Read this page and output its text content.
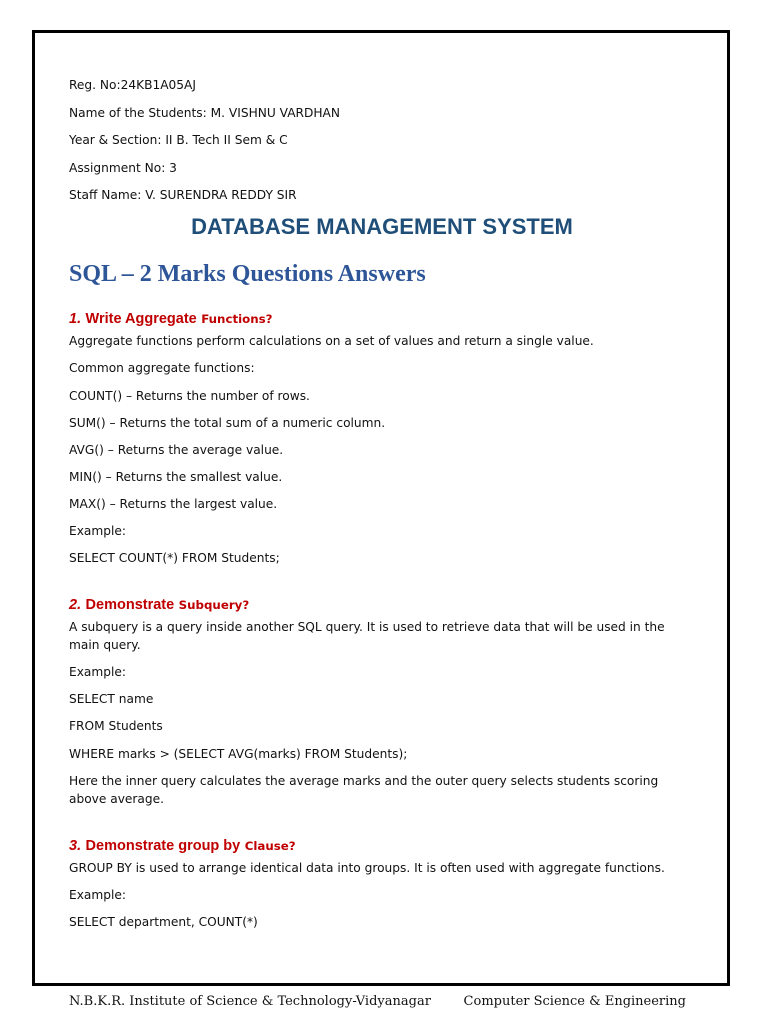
Reg. No:24KB1A05AJ

Name of the Students: M. VISHNU VARDHAN

Year & Section: II B. Tech II Sem & C

Assignment No: 3

Staff Name: V. SURENDRA REDDY SIR

DATABASE MANAGEMENT SYSTEM
SQL – 2 Marks Questions Answers
1. Write Aggregate Functions?

Aggregate functions perform calculations on a set of values and return a single value.

Common aggregate functions:

COUNT() – Returns the number of rows.

SUM() – Returns the total sum of a numeric column.

AVG() – Returns the average value.

MIN() – Returns the smallest value.

MAX() – Returns the largest value.

Example:

SELECT COUNT(*) FROM Students;

2. Demonstrate Subquery?

A subquery is a query inside another SQL query. It is used to retrieve data that will be used in the main query.

Example:

SELECT name

FROM Students

WHERE marks > (SELECT AVG(marks) FROM Students);

Here the inner query calculates the average marks and the outer query selects students scoring above average.

3. Demonstrate group by Clause?

GROUP BY is used to arrange identical data into groups. It is often used with aggregate functions.

Example:

SELECT department, COUNT(*)

N.B.K.R. Institute of Science & Technology-Vidyanagar	Computer Science & Engineering
